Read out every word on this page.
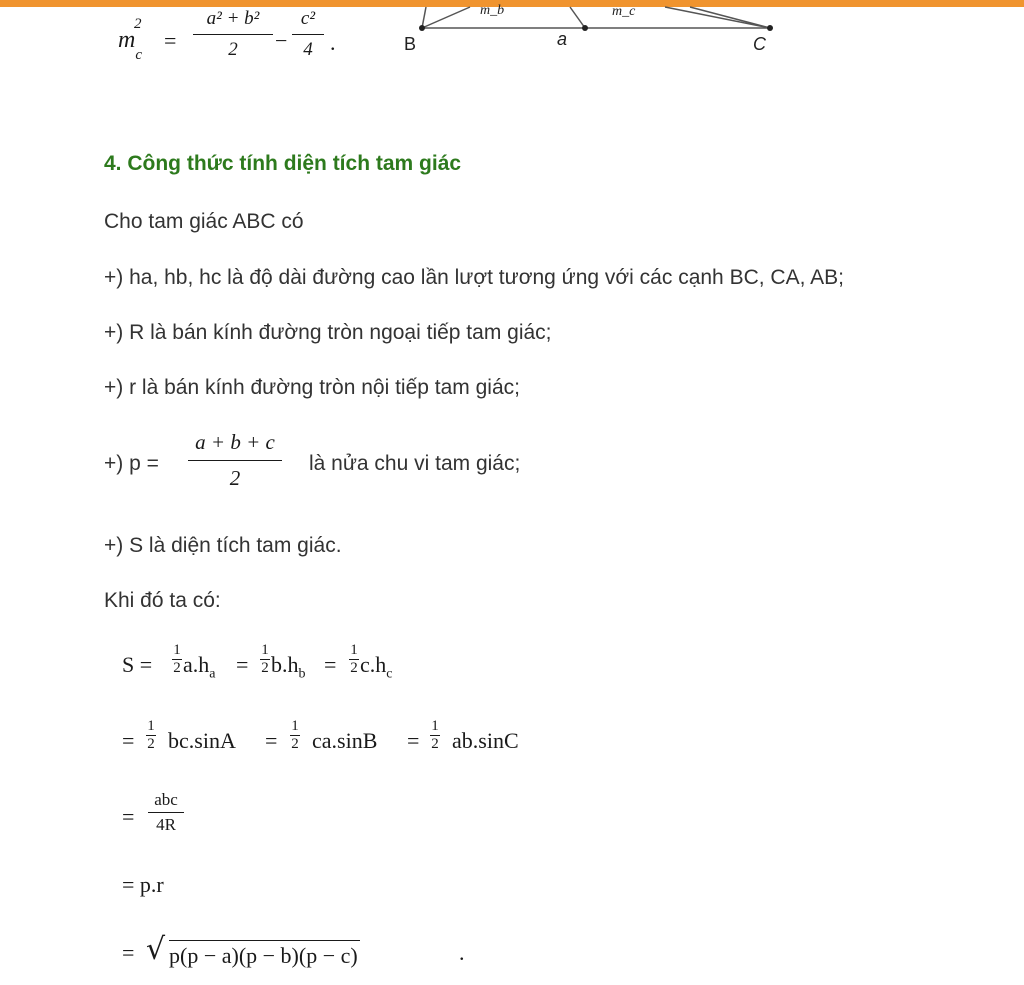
$m_c^2$
= $\frac{\text{a² + b²}}{2} - \frac{\text{c²}}{4}$ .	B	a	C
m_b	m_c
4. Công thức tính diện tích tam giác
Cho tam giác ABC có
+) ha, hb, hc là độ dài đường cao lần lượt tương ứng với các cạnh BC, CA, AB;
+) R là bán kính đường tròn ngoại tiếp tam giác;
+) r là bán kính đường tròn nội tiếp tam giác;
+) $p = \frac{a + b + c}{2}$ là nửa chu vi tam giác;
+) S là diện tích tam giác.
Khi đó ta có:
$S = \frac{1}{2} a.h_a = \frac{1}{2} b.h_b = \frac{1}{2} c.h_c$
= $\frac{1}{2} bc.\sin A = \frac{1}{2} ca.\sin B = \frac{1}{2} ab.\sin C$
=
abc
4R
= p.r
= √ p(p − a)(p − b)(p − c)	.
